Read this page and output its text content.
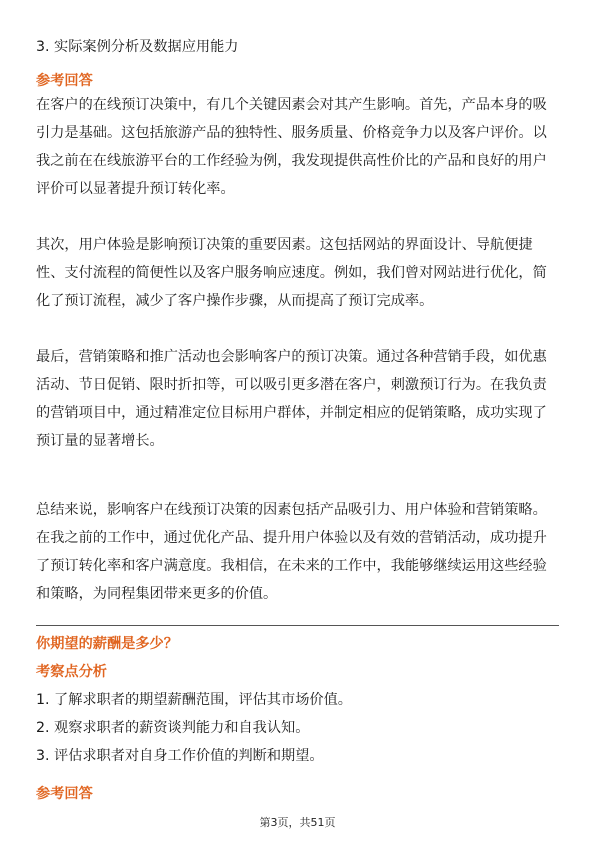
3. 实际案例分析及数据应用能力
参考回答
在客户的在线预订决策中，有几个关键因素会对其产生影响。首先，产品本身的吸
引力是基础。这包括旅游产品的独特性、服务质量、价格竞争力以及客户评价。以
我之前在在线旅游平台的工作经验为例，我发现提供高性价比的产品和良好的用户
评价可以显著提升预订转化率。
其次，用户体验是影响预订决策的重要因素。这包括网站的界面设计、导航便捷
性、支付流程的简便性以及客户服务响应速度。例如，我们曾对网站进行优化，简
化了预订流程，减少了客户操作步骤，从而提高了预订完成率。
最后，营销策略和推广活动也会影响客户的预订决策。通过各种营销手段，如优惠
活动、节日促销、限时折扣等，可以吸引更多潜在客户，刺激预订行为。在我负责
的营销项目中，通过精准定位目标用户群体，并制定相应的促销策略，成功实现了
预订量的显著增长。
总结来说，影响客户在线预订决策的因素包括产品吸引力、用户体验和营销策略。
在我之前的工作中，通过优化产品、提升用户体验以及有效的营销活动，成功提升
了预订转化率和客户满意度。我相信，在未来的工作中，我能够继续运用这些经验
和策略，为同程集团带来更多的价值。
你期望的薪酬是多少？
考察点分析
1. 了解求职者的期望薪酬范围，评估其市场价值。
2. 观察求职者的薪资谈判能力和自我认知。
3. 评估求职者对自身工作价值的判断和期望。
参考回答
第3页，共51页
